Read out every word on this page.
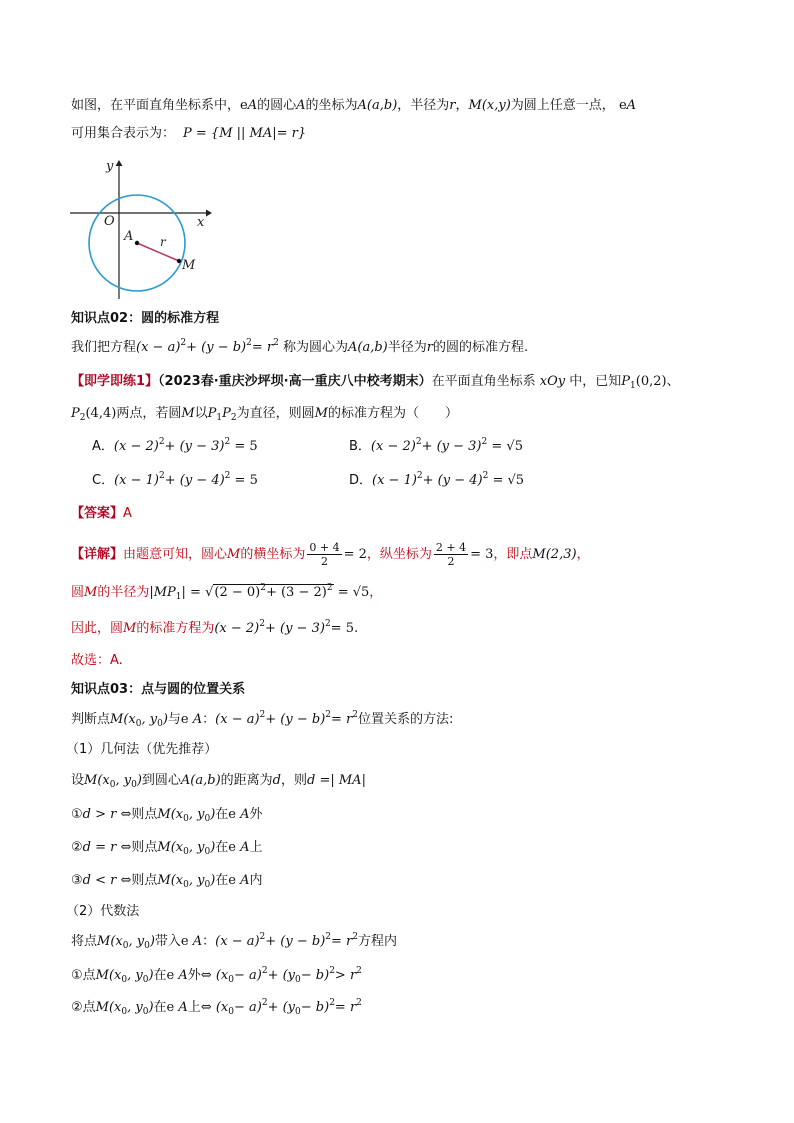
如图，在平面直角坐标系中，eA的圆心A的坐标为A(a,b)，半径为r，M(x,y)为圆上任意一点， eA
可用集合表示为： P = {M || MA|= r}
y
x
O
A r
M
知识点02：圆的标准方程
我们把方程$(x - a)^2+ (y - b)^2= r^2$ 称为圆心为A(a,b)半径为r的圆的标准方程.
【即学即练1】（2023春·重庆沙坪坝·高一重庆八中校考期末）在平面直角坐标系 xOy 中，已知$P_1(0,2)$、
$P_2(4,4)$两点，若圆M以$P_1P_2$为直径，则圆M的标准方程为（　　）
A．$(x - 2)^2+ (y - 3)^2 = 5$	B．$(x - 2)^2+ (y - 3)^2 = √5$
C．$(x - 1)^2+ (y - 4)^2 = 5$	D．$(x - 1)^2+ (y - 4)^2 = √5$
【答案】A
【详解】由题意可知，圆心M的横坐标为 $\frac{0 + 4}{2} = 2$，纵坐标为 $\frac{2 + 4}{2} = 3$，即点M(2,3)，
圆M的半径为$|MP_1| = √(2 - 0)^2+ (3 - 2)^2 = √5$，
因此，圆M的标准方程为$(x - 2)^2+ (y - 3)^2= 5$.
故选：A.
知识点03：点与圆的位置关系
判断点$M(x_0$, $y_0$)与e A：$(x - a)^2+ (y - b)^2= r^2$位置关系的方法:
（1）几何法（优先推荐）
设$M(x_0$, $y_0$)到圆心A(a,b)的距离为d，则d =| MA|
①d > r ⇔则点$M(x_0$, $y_0$)在e A外
②d = r ⇔则点$M(x_0$, $y_0$)在e A上
③d < r ⇔则点$M(x_0$, $y_0$)在e A内
（2）代数法
将点$M(x_0$, $y_0$)带入e A：$(x - a)^2+ (y - b)^2= r^2$方程内
①点$M(x_0$, $y_0$)在e A外⇔ $(x_0- a)^2+ (y_0- b)^2> r^2$
②点$M(x_0$, $y_0$)在e A上⇔ $(x_0- a)^2+ (y_0- b)^2= r^2$
